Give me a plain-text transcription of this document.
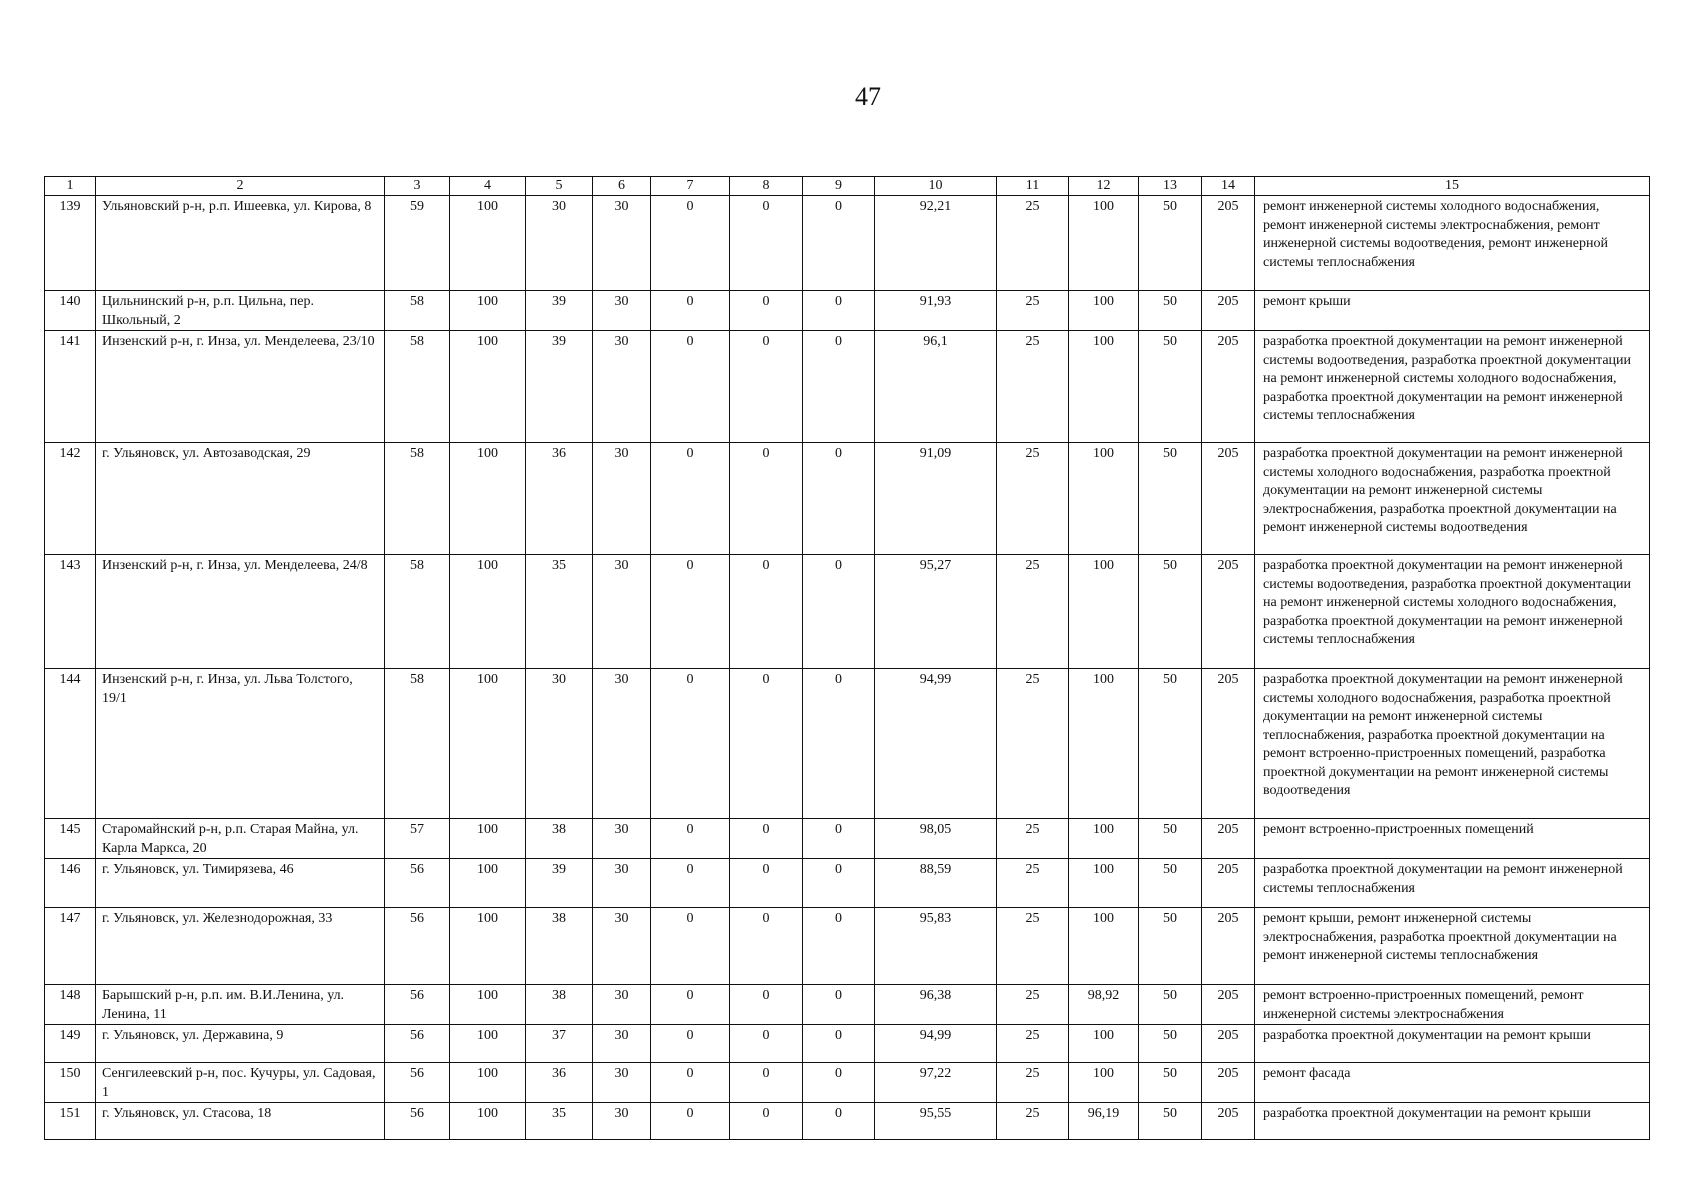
47
1	2	3	4	5	6	7	8	9	10	11	12	13	14	15
139	Ульяновский р-н, р.п. Ишеевка, ул. Кирова, 8	59	100	30	30	0	0	0	92,21	25	100	50	205	ремонт инженерной системы холодного водоснабжения, ремонт инженерной системы электроснабжения, ремонт инженерной системы водоотведения, ремонт инженерной системы теплоснабжения
140	Цильнинский р-н, р.п. Цильна, пер. Школьный, 2	58	100	39	30	0	0	0	91,93	25	100	50	205	ремонт крыши
141	Инзенский р-н, г. Инза, ул. Менделеева, 23/10	58	100	39	30	0	0	0	96,1	25	100	50	205	разработка проектной документации на ремонт инженерной системы водоотведения, разработка проектной документации на ремонт инженерной системы холодного водоснабжения, разработка проектной документации на ремонт инженерной системы теплоснабжения
142	г. Ульяновск, ул. Автозаводская, 29	58	100	36	30	0	0	0	91,09	25	100	50	205	разработка проектной документации на ремонт инженерной системы холодного водоснабжения, разработка проектной документации на ремонт инженерной системы электроснабжения, разработка проектной документации на ремонт инженерной системы водоотведения
143	Инзенский р-н, г. Инза, ул. Менделеева, 24/8	58	100	35	30	0	0	0	95,27	25	100	50	205	разработка проектной документации на ремонт инженерной системы водоотведения, разработка проектной документации на ремонт инженерной системы холодного водоснабжения, разработка проектной документации на ремонт инженерной системы теплоснабжения
144	Инзенский р-н, г. Инза, ул. Льва Толстого, 19/1	58	100	30	30	0	0	0	94,99	25	100	50	205	разработка проектной документации на ремонт инженерной системы холодного водоснабжения, разработка проектной документации на ремонт инженерной системы теплоснабжения, разработка проектной документации на ремонт встроенно-пристроенных помещений, разработка проектной документации на ремонт инженерной системы водоотведения
145	Старомайнский р-н, р.п. Старая Майна, ул. Карла Маркса, 20	57	100	38	30	0	0	0	98,05	25	100	50	205	ремонт встроенно-пристроенных помещений
146	г. Ульяновск, ул. Тимирязева, 46	56	100	39	30	0	0	0	88,59	25	100	50	205	разработка проектной документации на ремонт инженерной системы теплоснабжения
147	г. Ульяновск, ул. Железнодорожная, 33	56	100	38	30	0	0	0	95,83	25	100	50	205	ремонт крыши, ремонт инженерной системы электроснабжения, разработка проектной документации на ремонт инженерной системы теплоснабжения
148	Барышский р-н, р.п. им. В.И.Ленина, ул. Ленина, 11	56	100	38	30	0	0	0	96,38	25	98,92	50	205	ремонт встроенно-пристроенных помещений, ремонт инженерной системы электроснабжения
149	г. Ульяновск, ул. Державина, 9	56	100	37	30	0	0	0	94,99	25	100	50	205	разработка проектной документации на ремонт крыши
150	Сенгилеевский р-н, пос. Кучуры, ул. Садовая, 1	56	100	36	30	0	0	0	97,22	25	100	50	205	ремонт фасада
151	г. Ульяновск, ул. Стасова, 18	56	100	35	30	0	0	0	95,55	25	96,19	50	205	разработка проектной документации на ремонт крыши
